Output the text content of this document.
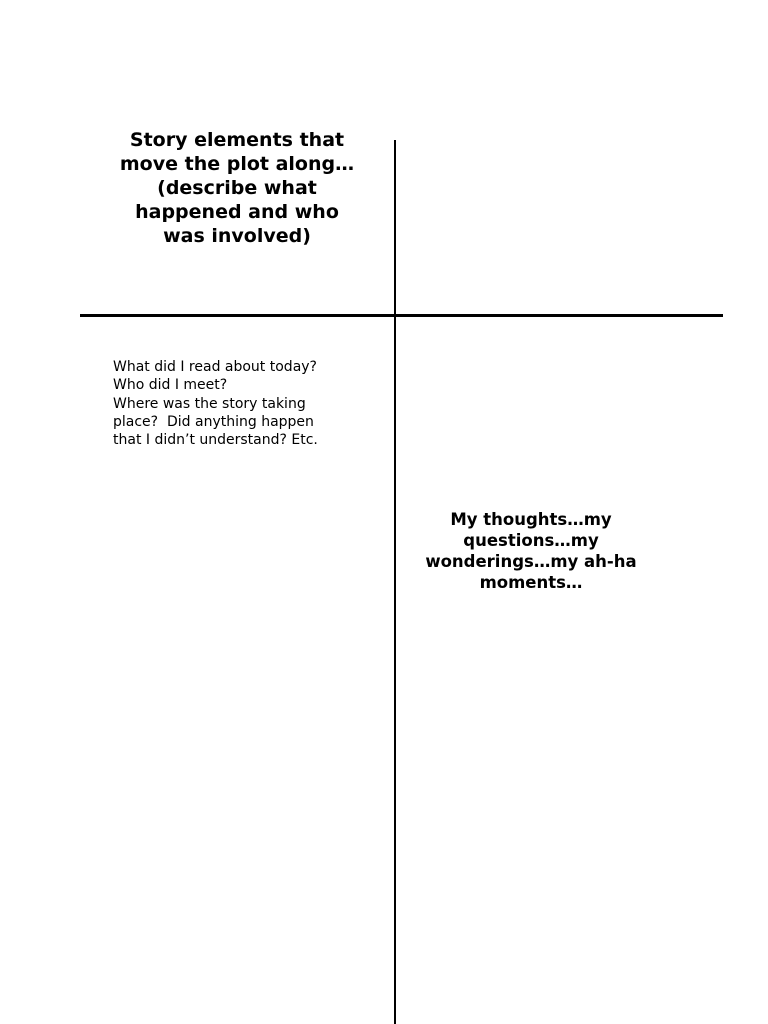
Story elements that
move the plot along…
(describe what
happened and who
was involved)
What did I read about today?
Who did I meet?
Where was the story taking
place?  Did anything happen
that I didn’t understand? Etc.
My thoughts…my
questions…my
wonderings…my ah-ha
moments…
